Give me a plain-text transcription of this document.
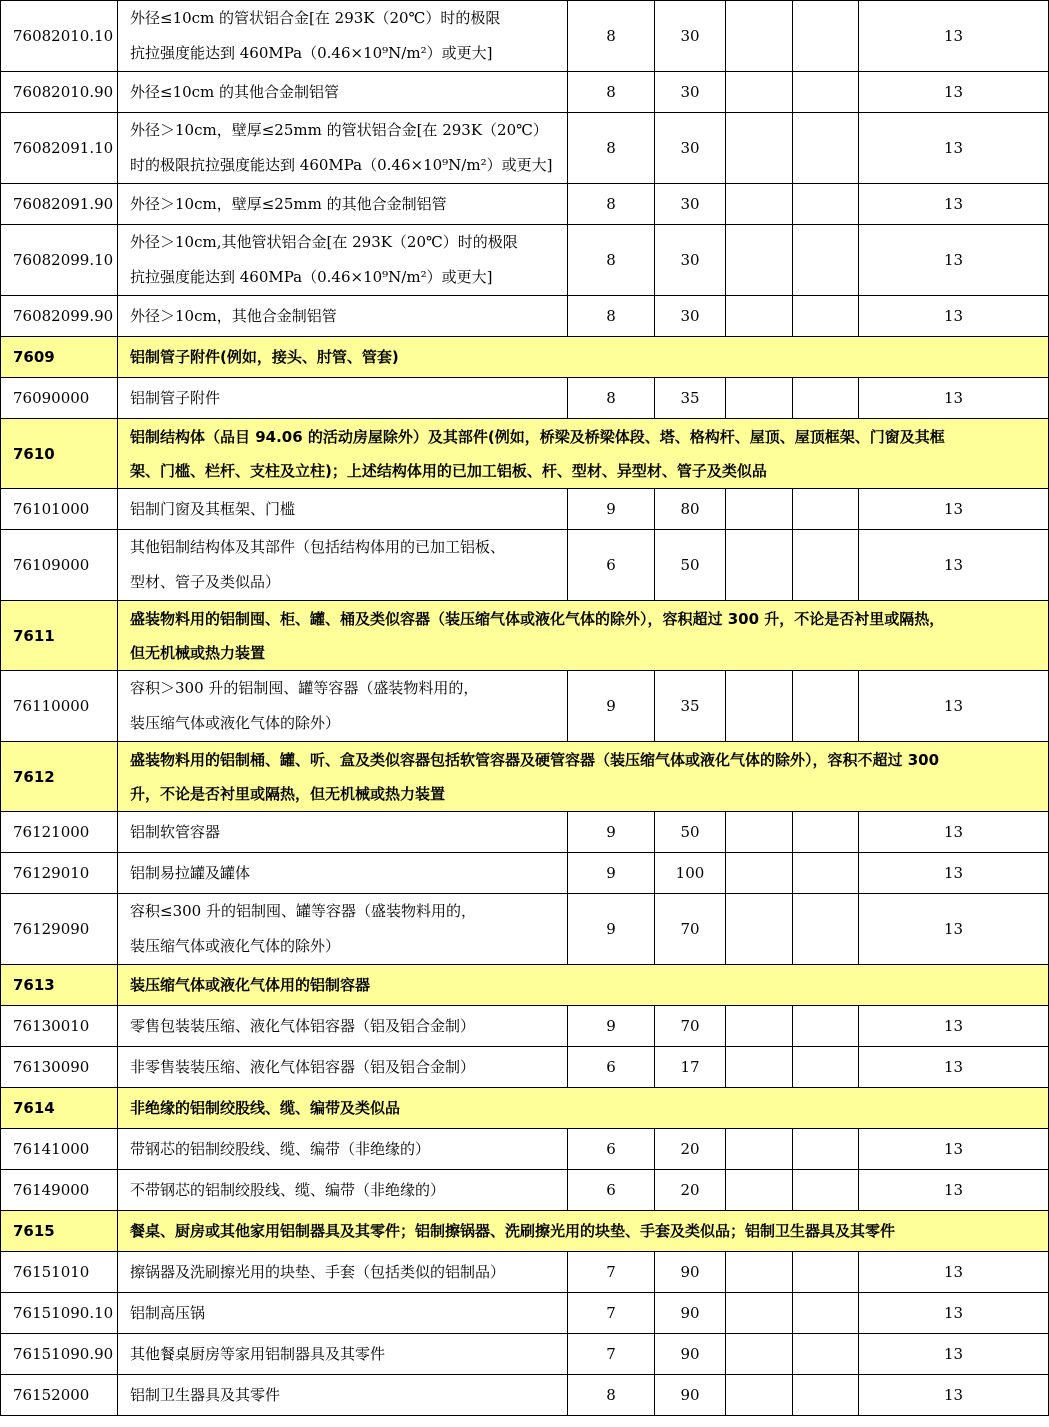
76082010.10	外径≤10cm 的管状铝合金[在 293K（20℃）时的极限
抗拉强度能达到 460MPa（0.46×10⁹N/m²）或更大]	8	30			13
76082010.90	外径≤10cm 的其他合金制铝管	8	30			13
76082091.10	外径＞10cm，壁厚≤25mm 的管状铝合金[在 293K（20℃）
时的极限抗拉强度能达到 460MPa（0.46×10⁹N/m²）或更大]	8	30			13
76082091.90	外径＞10cm，壁厚≤25mm 的其他合金制铝管	8	30			13
76082099.10	外径＞10cm,其他管状铝合金[在 293K（20℃）时的极限
抗拉强度能达到 460MPa（0.46×10⁹N/m²）或更大]	8	30			13
76082099.90	外径＞10cm，其他合金制铝管	8	30			13
7609	铝制管子附件(例如，接头、肘管、管套)					

76090000	铝制管子附件	8	35			13
7610	铝制结构体（品目 94.06 的活动房屋除外）及其部件(例如，桥梁及桥梁体段、塔、格构杆、屋顶、屋顶框架、门窗及其框
架、门槛、栏杆、支柱及立柱)；上述结构体用的已加工铝板、杆、型材、异型材、管子及类似品					

76101000	铝制门窗及其框架、门槛	9	80			13
76109000	其他铝制结构体及其部件（包括结构体用的已加工铝板、
型材、管子及类似品）	6	50			13
7611	盛装物料用的铝制囤、柜、罐、桶及类似容器（装压缩气体或液化气体的除外），容积超过 300 升，不论是否衬里或隔热，
但无机械或热力装置					

76110000	容积＞300 升的铝制囤、罐等容器（盛装物料用的，
装压缩气体或液化气体的除外）	9	35			13
7612	盛装物料用的铝制桶、罐、听、盒及类似容器包括软管容器及硬管容器（装压缩气体或液化气体的除外），容积不超过 300
升，不论是否衬里或隔热，但无机械或热力装置					

76121000	铝制软管容器	9	50			13
76129010	铝制易拉罐及罐体	9	100			13
76129090	容积≤300 升的铝制囤、罐等容器（盛装物料用的，
装压缩气体或液化气体的除外）	9	70			13
7613	装压缩气体或液化气体用的铝制容器					

76130010	零售包装装压缩、液化气体铝容器（铝及铝合金制）	9	70			13
76130090	非零售装装压缩、液化气体铝容器（铝及铝合金制）	6	17			13
7614	非绝缘的铝制绞股线、缆、编带及类似品					

76141000	带钢芯的铝制绞股线、缆、编带（非绝缘的）	6	20			13
76149000	不带钢芯的铝制绞股线、缆、编带（非绝缘的）	6	20			13
7615	餐桌、厨房或其他家用铝制器具及其零件；铝制擦锅器、洗刷擦光用的块垫、手套及类似品；铝制卫生器具及其零件					

76151010	擦锅器及洗刷擦光用的块垫、手套（包括类似的铝制品）	7	90			13
76151090.10	铝制高压锅	7	90			13
76151090.90	其他餐桌厨房等家用铝制器具及其零件	7	90			13
76152000	铝制卫生器具及其零件	8	90			13
